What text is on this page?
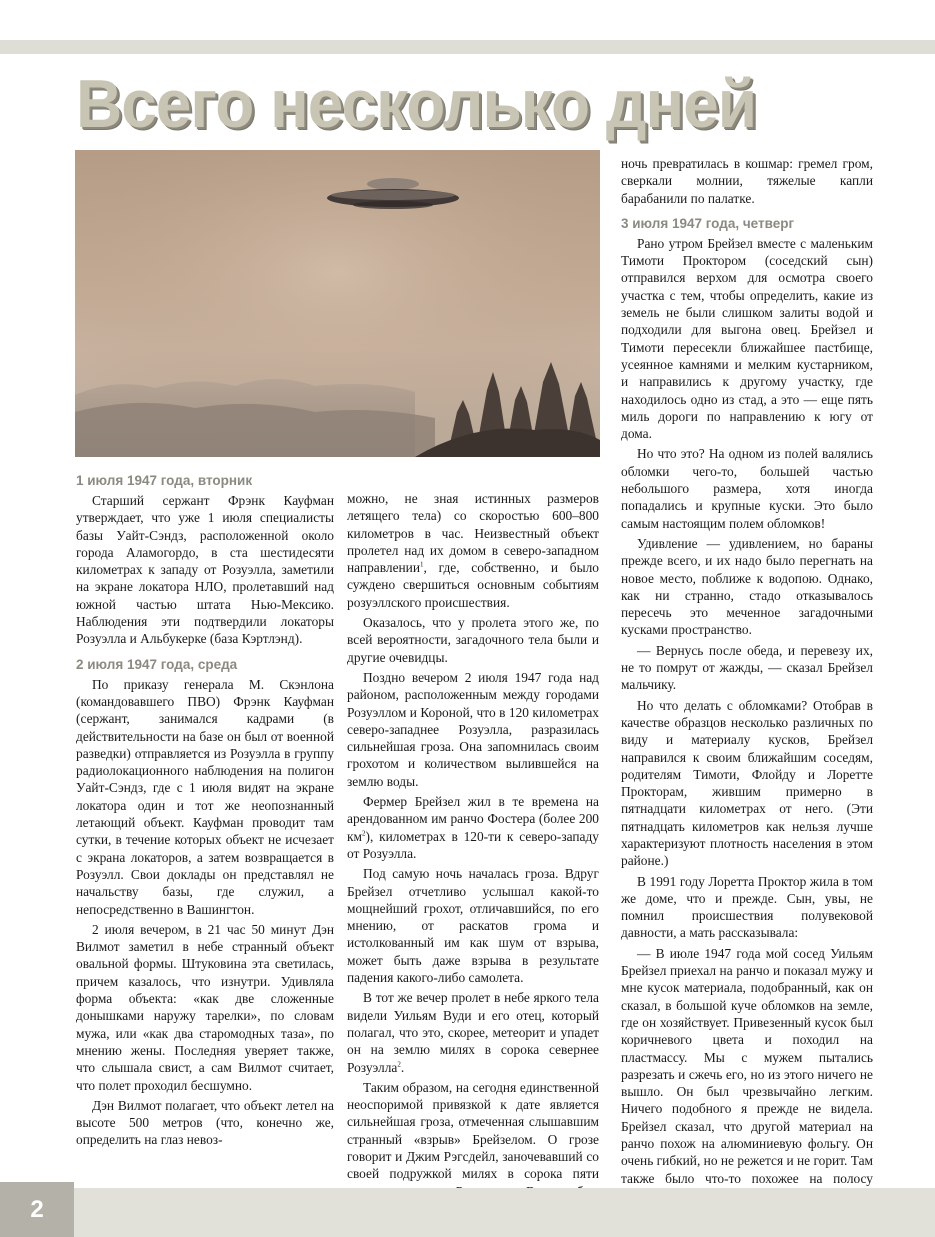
Всего несколько дней
1 июля 1947 года, вторник

Старший сержант Фрэнк Кауфман утверждает, что уже 1 июля специалисты базы Уайт-Сэндз, расположенной около города Аламогордо, в ста шестидесяти километрах к западу от Розуэлла, заметили на экране локатора НЛО, пролетавший над южной частью штата Нью-Мексико. Наблюдения эти подтвердили локаторы Розуэлла и Альбукерке (база Кэртлэнд).

2 июля 1947 года, среда

По приказу генерала М. Скэнлона (командовавшего ПВО) Фрэнк Кауфман (сержант, занимался кадрами (в действительности на базе он был от военной разведки) отправляется из Розуэлла в группу радиолокационного наблюдения на полигон Уайт-Сэндз, где с 1 июля видят на экране локатора один и тот же неопознанный летающий объект. Кауфман проводит там сутки, в течение которых объект не исчезает с экрана локаторов, а затем возвращается в Розуэлл. Свои доклады он представлял не начальству базы, где служил, а непосредственно в Вашингтон.

2 июля вечером, в 21 час 50 минут Дэн Вилмот заметил в небе странный объект овальной формы. Штуковина эта светилась, причем казалось, что изнутри. Удивляла форма объекта: «как две сложенные донышками наружу тарелки», по словам мужа, или «как два старомодных таза», по мнению жены. Последняя уверяет также, что слышала свист, а сам Вилмот считает, что полет проходил бесшумно.

Дэн Вилмот полагает, что объект летел на высоте 500 метров (что, конечно же, определить на глаз невоз-

можно, не зная истинных размеров летящего тела) со скоростью 600–800 километров в час. Неизвестный объект пролетел над их домом в северо-западном направлении$^1$, где, собственно, и было суждено свершиться основным событиям розуэллского происшествия.

Оказалось, что у пролета этого же, по всей вероятности, загадочного тела были и другие очевидцы.

Поздно вечером 2 июля 1947 года над районом, расположенным между городами Розуэллом и Короной, что в 120 километрах северо-западнее Розуэлла, разразилась сильнейшая гроза. Она запомнилась своим грохотом и количеством вылившейся на землю воды.

Фермер Брейзел жил в те времена на арендованном им ранчо Фостера (более 200 $км^2$), километрах в 120-ти к северо-западу от Розуэлла.

Под самую ночь началась гроза. Вдруг Брейзел отчетливо услышал какой-то мощнейший грохот, отличавшийся, по его мнению, от раскатов грома и истолкованный им как шум от взрыва, может быть даже взрыва в результате падения какого-либо самолета.

В тот же вечер пролет в небе яркого тела видели Уильям Вуди и его отец, который полагал, что это, скорее, метеорит и упадет он на землю милях в сорока севернее Розуэлла$^2$.

Таким образом, на сегодня единственной неоспоримой привязкой к дате является сильнейшая гроза, отмеченная слышавшим странный «взрыв» Брейзелом. О грозе говорит и Джим Рэгсдейл, заночевавший со своей подружкой милях в сорока пяти

ночь превратилась в кошмар: гремел гром, сверкали молнии, тяжелые капли барабанили по палатке.

3 июля 1947 года, четверг

Рано утром Брейзел вместе с маленьким Тимоти Проктором (соседский сын) отправился верхом для осмотра своего участка с тем, чтобы определить, какие из земель не были слишком залиты водой и подходили для выгона овец. Брейзел и Тимоти пересекли ближайшее пастбище, усеянное камнями и мелким кустарником, и направились к другому участку, где находилось одно из стад, а это — еще пять миль дороги по направлению к югу от дома.

Но что это? На одном из полей валялись обломки чего-то, большей частью небольшого размера, хотя иногда попадались и крупные куски. Это было самым настоящим полем обломков!

Удивление — удивлением, но бараны прежде всего, и их надо было перегнать на новое место, поближе к водопою. Однако, как ни странно, стадо отказывалось пересечь это меченное загадочными кусками пространство.

— Вернусь после обеда, и перевезу их, не то помрут от жажды, — сказал Брейзел мальчику.

Но что делать с обломками? Отобрав в качестве образцов несколько различных по виду и материалу кусков, Брейзел направился к своим ближайшим соседям, родителям Тимоти, Флойду и Лоретте Прокторам, жившим примерно в пятнадцати километрах от него. (Эти пятнадцать километров как нельзя лучше характеризуют плотность населения в этом районе.)

В 1991 году Лоретта Проктор жила в том же доме, что и прежде. Сын, увы, не помнил происшествия полувековой давности, а мать рассказывала:

— В июле 1947 года мой сосед Уильям Брейзел приехал на ранчо и показал мужу и мне кусок материала, подобранный, как он сказал, в большой куче обломков на земле, где он хозяйствует. Привезенный кусок был коричневого цвета и походил на пластмассу. Мы с мужем пытались разрезать и сжечь его, но из этого ничего не вышло. Он был чрезвычайно легким. Ничего подобного я прежде не видела. Брейзел сказал, что другой материал на ранчо похож на алюминиевую фольгу. Он очень гибкий, но не режется и не горит. Там также было что-то похожее на полосу

2
